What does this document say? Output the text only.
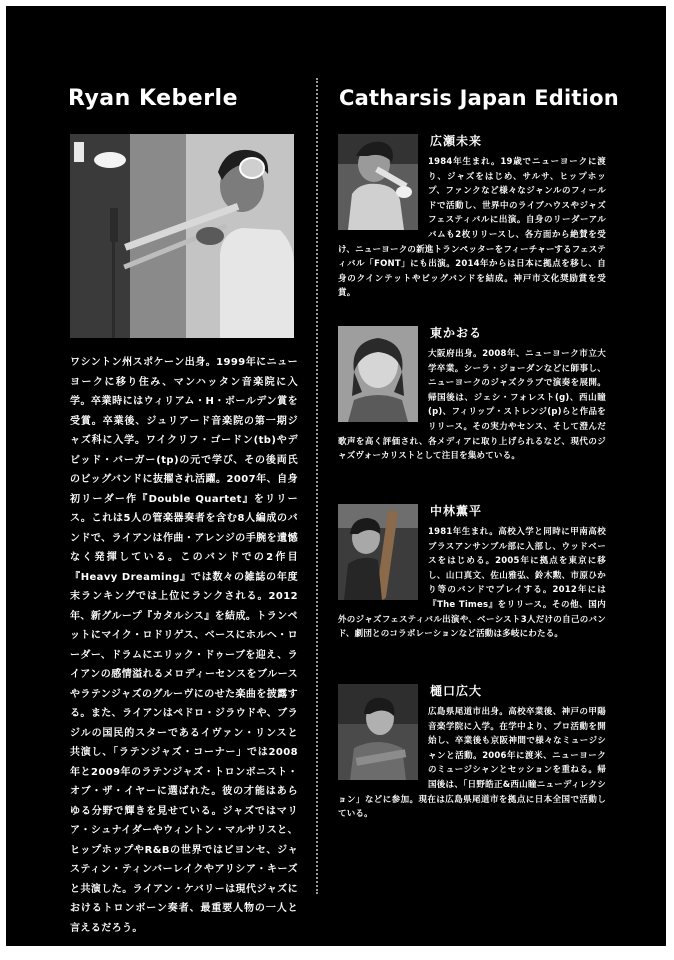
Ryan Keberle	Catharsis Japan Edition

ワシントン州スポケーン出身。1999年にニューヨークに移り住み、マンハッタン音楽院に入学。卒業時にはウィリアム・H・ボールデン賞を受賞。卒業後、ジュリアード音楽院の第一期ジャズ科に入学。ワイクリフ・ゴードン(tb)やデビッド・バーガー(tp)の元で学び、その後両氏のビッグバンドに抜擢され活躍。2007年、自身初リーダー作『Double Quartet』をリリース。これは5人の管楽器奏者を含む8人編成のバンドで、ライアンは作曲・アレンジの手腕を遺憾なく発揮している。このバンドでの2作目『Heavy Dreaming』では数々の雑誌の年度末ランキングでは上位にランクされる。2012年、新グループ『カタルシス』を結成。トランペットにマイク・ロドリゲス、ベースにホルヘ・ローダー、ドラムにエリック・ドゥーブを迎え、ライアンの感情溢れるメロディーセンスをブルースやラテンジャズのグルーヴにのせた楽曲を披露する。また、ライアンはペドロ・ジラウドや、ブラジルの国民的スターであるイヴァン・リンスと共演し、「ラテンジャズ・コーナー」では2008年と2009年のラテンジャズ・トロンボニスト・オブ・ザ・イヤーに選ばれた。彼の才能はあらゆる分野で輝きを見せている。ジャズではマリア・シュナイダーやウィントン・マルサリスと、ヒップホップやR&Bの世界ではビヨンセ、ジャスティン・ティンバーレイクやアリシア・キーズと共演した。ライアン・ケバリーは現代ジャズにおけるトロンボーン奏者、最重要人物の一人と言えるだろう。

広瀬未来

1984年生まれ。19歳でニューヨークに渡り、ジャズをはじめ、サルサ、ヒップホップ、ファンクなど様々なジャンルのフィールドで活動し、世界中のライブハウスやジャズフェスティバルに出演。自身のリーダーアルバムも2枚リリースし、各方面から絶賛を受け、ニューヨークの新進トランペッターをフィーチャーするフェスティバル「FONT」にも出演。2014年からは日本に拠点を移し、自身のクインテットやビッグバンドを結成。神戸市文化奨励賞を受賞。

東かおる

大阪府出身。2008年、ニューヨーク市立大学卒業。シーラ・ジョーダンなどに師事し、ニューヨークのジャズクラブで演奏を展開。帰国後は、ジェシ・フォレスト(g)、西山瞳(p)、フィリップ・ストレンジ(p)らと作品をリリース。その実力やセンス、そして澄んだ歌声を高く評価され、各メディアに取り上げられるなど、現代のジャズヴォーカリストとして注目を集めている。

中林薫平

1981年生まれ。高校入学と同時に甲南高校ブラスアンサンブル部に入部し、ウッドベースをはじめる。2005年に拠点を東京に移し、山口真文、佐山雅弘、鈴木勲、市原ひかり等のバンドでプレイする。2012年には『The Times』をリリース。その他、国内外のジャズフェスティバル出演や、ベーシスト3人だけの自己のバンド、劇団とのコラボレーションなど活動は多岐にわたる。

樋口広大

広島県尾道市出身。高校卒業後、神戸の甲陽音楽学院に入学。在学中より、プロ活動を開始し、卒業後も京阪神間で様々なミュージシャンと活動。2006年に渡米、ニューヨークのミュージシャンとセッションを重ねる。帰国後は、「日野皓正&西山瞳ニューディレクション」などに参加。現在は広島県尾道市を拠点に日本全国で活動している。
